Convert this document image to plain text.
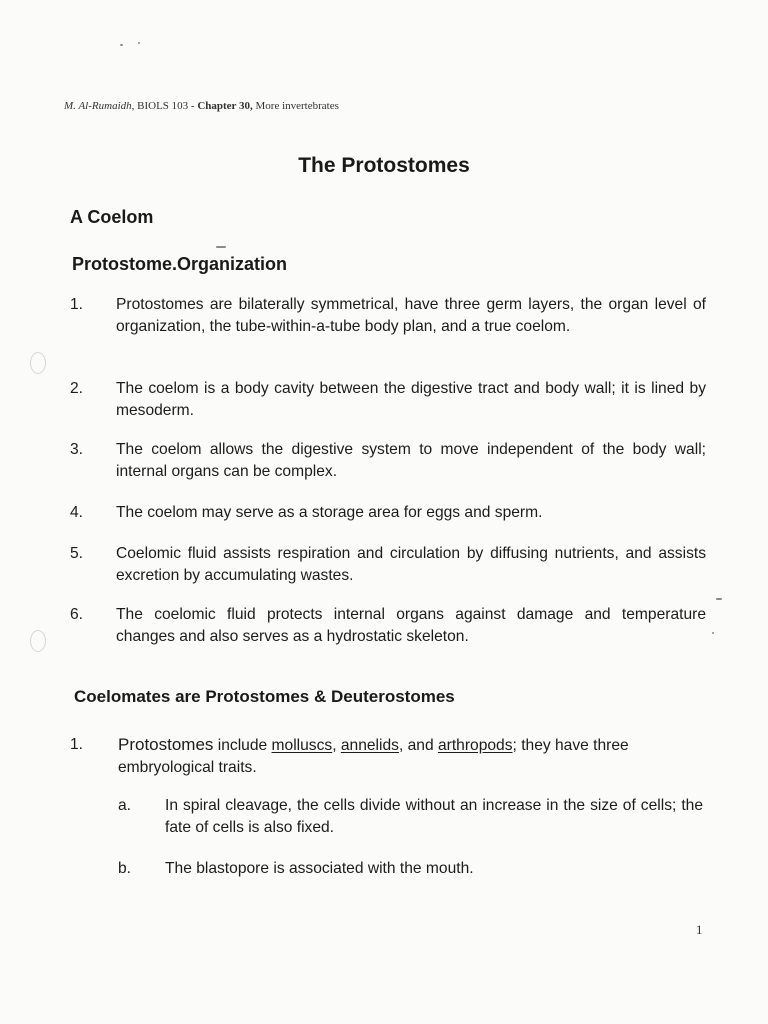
M. Al-Rumaidh, BIOLS 103 - Chapter 30, More invertebrates
The Protostomes
A Coelom
Protostome.Organization
1. Protostomes are bilaterally symmetrical, have three germ layers, the organ level of organization, the tube-within-a-tube body plan, and a true coelom.
2. The coelom is a body cavity between the digestive tract and body wall; it is lined by mesoderm.
3. The coelom allows the digestive system to move independent of the body wall; internal organs can be complex.
4. The coelom may serve as a storage area for eggs and sperm.
5. Coelomic fluid assists respiration and circulation by diffusing nutrients, and assists excretion by accumulating wastes.
6. The coelomic fluid protects internal organs against damage and temperature changes and also serves as a hydrostatic skeleton.
Coelomates are Protostomes & Deuterostomes
1. Protostomes include molluscs, annelids, and arthropods; they have three embryological traits.
a. In spiral cleavage, the cells divide without an increase in the size of cells; the fate of cells is also fixed.
b. The blastopore is associated with the mouth.
1
